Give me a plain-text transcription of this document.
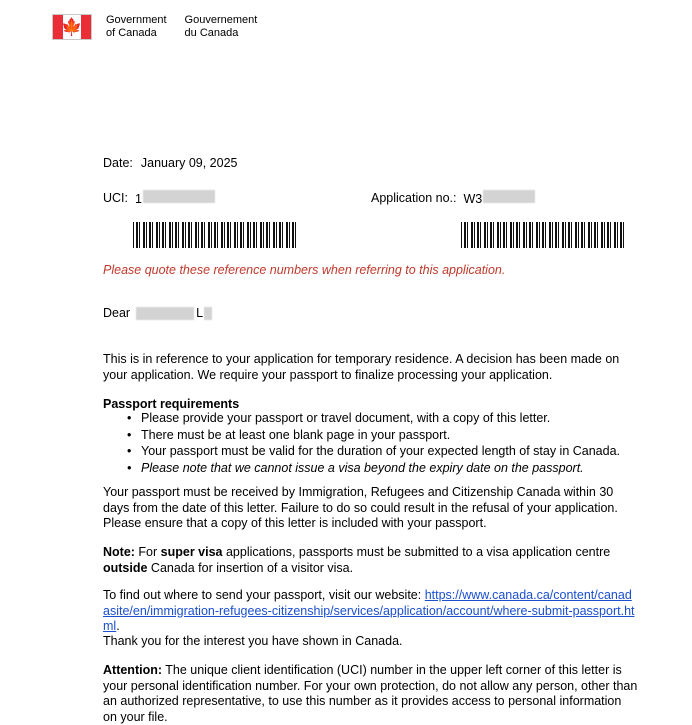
🍁 Government
of Canada
Gouvernement
du Canada
Date: January 09, 2025
UCI: 1	Application no.: W3
Please quote these reference numbers when referring to this application.
Dear	L
This is in reference to your application for temporary residence. A decision has been made on your application. We require your passport to finalize processing your application.
Passport requirements
• Please provide your passport or travel document, with a copy of this letter.
• There must be at least one blank page in your passport.
• Your passport must be valid for the duration of your expected length of stay in Canada.
• Please note that we cannot issue a visa beyond the expiry date on the passport.
Your passport must be received by Immigration, Refugees and Citizenship Canada within 30 days from the date of this letter. Failure to do so could result in the refusal of your application. Please ensure that a copy of this letter is included with your passport.
Note: For super visa applications, passports must be submitted to a visa application centre outside Canada for insertion of a visitor visa.
To find out where to send your passport, visit our website: https://www.canada.ca/content/canadasite/en/immigration-refugees-citizenship/services/application/account/where-submit-passport.html.
Thank you for the interest you have shown in Canada.
Attention: The unique client identification (UCI) number in the upper left corner of this letter is your personal identification number. For your own protection, do not allow any person, other than an authorized representative, to use this number as it provides access to personal information on your file.
